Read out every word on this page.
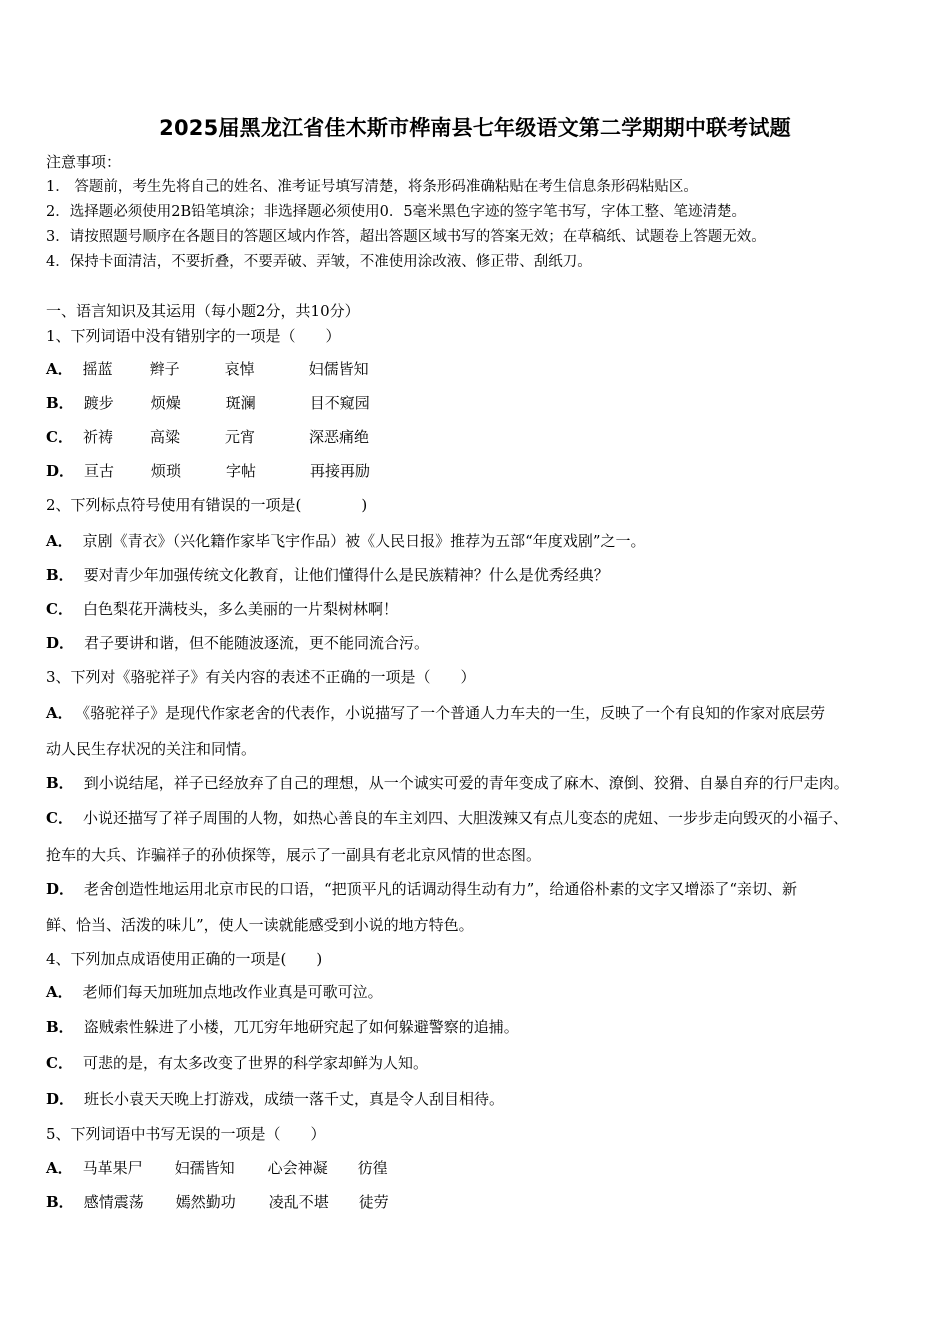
2025届黑龙江省佳木斯市桦南县七年级语文第二学期期中联考试题
注意事项：
1． 答题前，考生先将自己的姓名、准考证号填写清楚，将条形码准确粘贴在考生信息条形码粘贴区。
2．选择题必须使用2B铅笔填涂；非选择题必须使用0．5毫米黑色字迹的签字笔书写，字体工整、笔迹清楚。
3．请按照题号顺序在各题目的答题区域内作答，超出答题区域书写的答案无效；在草稿纸、试题卷上答题无效。
4．保持卡面清洁，不要折叠，不要弄破、弄皱，不准使用涂改液、修正带、刮纸刀。
一、语言知识及其运用（每小题2分，共10分）
1、下列词语中没有错别字的一项是（　　）
A． 摇蓝 辫子	哀悼	妇儒皆知
B． 踱步 烦燥	斑澜	目不窥园
C． 祈祷 高粱	元宵	深恶痛绝
D． 亘古 烦琐	字帖	再接再励
2、下列标点符号使用有错误的一项是(　　　　)
A． 京剧《青衣》（兴化籍作家毕飞宇作品）被《人民日报》推荐为五部“年度戏剧”之一。
B． 要对青少年加强传统文化教育，让他们懂得什么是民族精神？什么是优秀经典？
C． 白色梨花开满枝头，多么美丽的一片梨树林啊！
D． 君子要讲和谐，但不能随波逐流，更不能同流合污。
3、下列对《骆驼祥子》有关内容的表述不正确的一项是（　　）
A． 《骆驼祥子》是现代作家老舍的代表作，小说描写了一个普通人力车夫的一生，反映了一个有良知的作家对底层劳
动人民生存状况的关注和同情。
B． 到小说结尾，祥子已经放弃了自己的理想，从一个诚实可爱的青年变成了麻木、潦倒、狡猾、自暴自弃的行尸走肉。
C． 小说还描写了祥子周围的人物，如热心善良的车主刘四、大胆泼辣又有点儿变态的虎妞、一步步走向毁灭的小福子、
抢车的大兵、诈骗祥子的孙侦探等，展示了一副具有老北京风情的世态图。
D． 老舍创造性地运用北京市民的口语，“把顶平凡的话调动得生动有力”，给通俗朴素的文字又增添了“亲切、新
鲜、恰当、活泼的味儿”，使人一读就能感受到小说的地方特色。
4、下列加点成语使用正确的一项是(　　)
A． 老师们每天加班加点地改作业真是可歌可泣。
B． 盗贼索性躲进了小楼，兀兀穷年地研究起了如何躲避警察的追捕。
C． 可悲的是，有太多改变了世界的科学家却鲜为人知。
D． 班长小袁天天晚上打游戏，成绩一落千丈，真是令人刮目相待。
5、下列词语中书写无误的一项是（　　）
A． 马革果尸 妇孺皆知 心会神凝 彷徨
B． 感情震荡 嫣然勤功 凌乱不堪 徒劳
